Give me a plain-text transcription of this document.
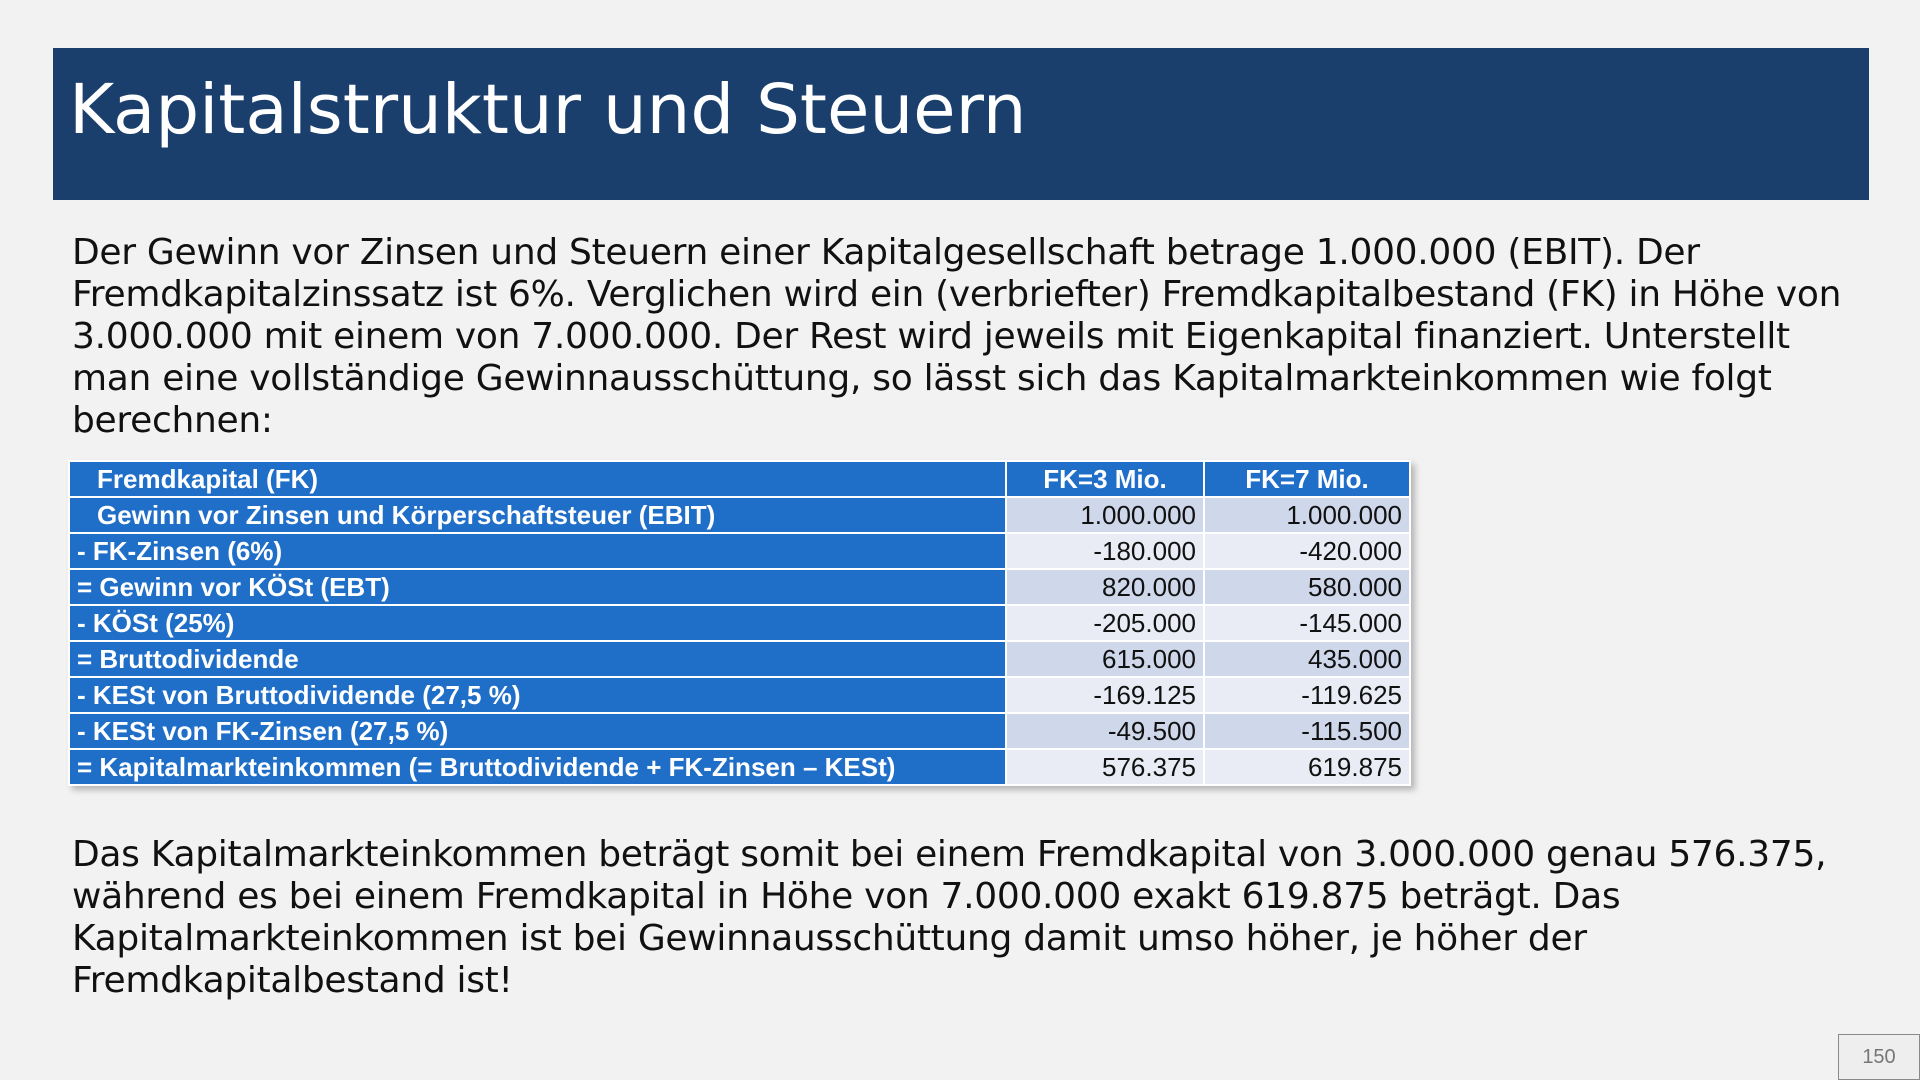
Kapitalstruktur und Steuern

Der Gewinn vor Zinsen und Steuern einer Kapitalgesellschaft betrage 1.000.000 (EBIT). Der Fremdkapitalzinssatz ist 6%. Verglichen wird ein (verbriefter) Fremdkapitalbestand (FK) in Höhe von 3.000.000 mit einem von 7.000.000. Der Rest wird jeweils mit Eigenkapital finanziert. Unterstellt man eine vollständige Gewinnausschüttung, so lässt sich das Kapitalmarkteinkommen wie folgt berechnen:

Fremdkapital (FK)	FK=3 Mio.	FK=7 Mio.
Gewinn vor Zinsen und Körperschaftsteuer (EBIT)	1.000.000	1.000.000
- FK-Zinsen (6%)	-180.000	-420.000
= Gewinn vor KÖSt (EBT)	820.000	580.000
- KÖSt (25%)	-205.000	-145.000
= Bruttodividende	615.000	435.000
- KESt von Bruttodividende (27,5 %)	-169.125	-119.625
- KESt von FK-Zinsen (27,5 %)	-49.500	-115.500
= Kapitalmarkteinkommen (= Bruttodividende + FK-Zinsen – KESt)	576.375	619.875

Das Kapitalmarkteinkommen beträgt somit bei einem Fremdkapital von 3.000.000 genau 576.375, während es bei einem Fremdkapital in Höhe von 7.000.000 exakt 619.875 beträgt. Das Kapitalmarkteinkommen ist bei Gewinnausschüttung damit umso höher, je höher der Fremdkapitalbestand ist!

150
